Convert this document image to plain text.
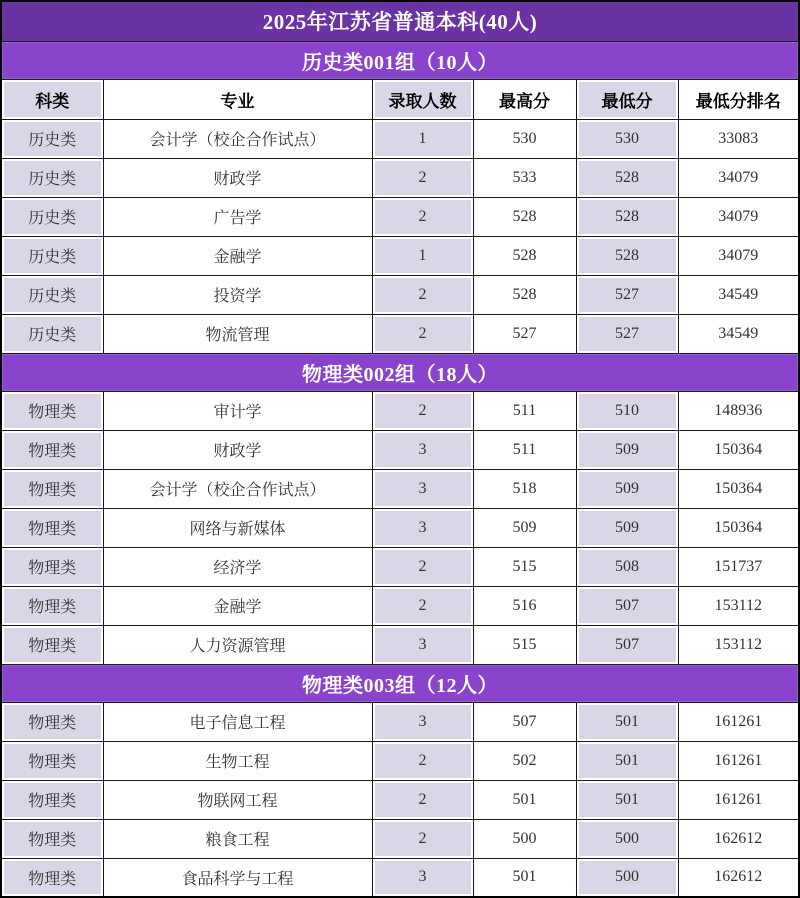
2025年江苏省普通本科(40人)					
历史类001组（10人）					
科类	专业	录取人数	最高分	最低分	最低分排名
历史类	会计学（校企合作试点）	1	530	530	33083
历史类	财政学	2	533	528	34079
历史类	广告学	2	528	528	34079
历史类	金融学	1	528	528	34079
历史类	投资学	2	528	527	34549
历史类	物流管理	2	527	527	34549
物理类002组（18人）					
物理类	审计学	2	511	510	148936
物理类	财政学	3	511	509	150364
物理类	会计学（校企合作试点）	3	518	509	150364
物理类	网络与新媒体	3	509	509	150364
物理类	经济学	2	515	508	151737
物理类	金融学	2	516	507	153112
物理类	人力资源管理	3	515	507	153112
物理类003组（12人）					
物理类	电子信息工程	3	507	501	161261
物理类	生物工程	2	502	501	161261
物理类	物联网工程	2	501	501	161261
物理类	粮食工程	2	500	500	162612
物理类	食品科学与工程	3	501	500	162612
